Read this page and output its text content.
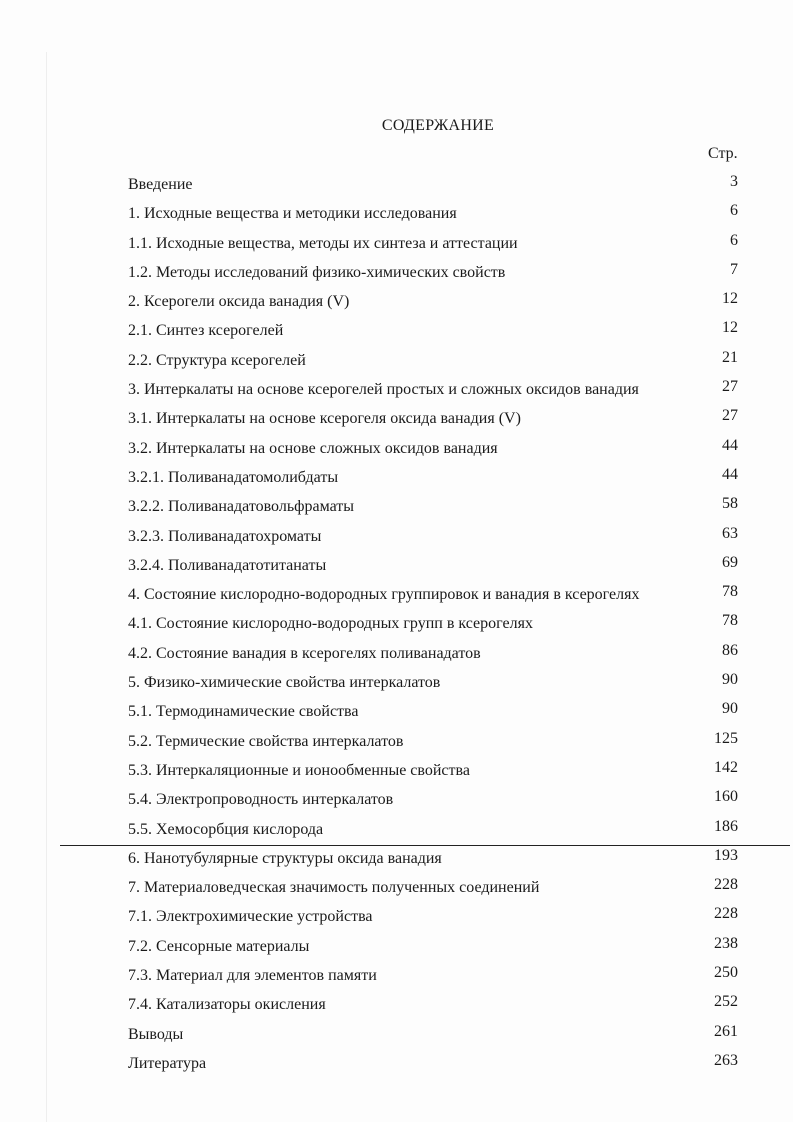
СОДЕРЖАНИЕ
Стр.
Введение	3
1. Исходные вещества и методики исследования	6
1.1. Исходные вещества, методы их синтеза и аттестации	6
1.2. Методы исследований физико-химических свойств	7
2. Ксерогели оксида ванадия (V)	12
2.1. Синтез ксерогелей	12
2.2. Структура ксерогелей	21
3. Интеркалаты на основе ксерогелей простых и сложных оксидов ванадия	27
3.1. Интеркалаты на основе ксерогеля оксида ванадия (V)	27
3.2. Интеркалаты на основе сложных оксидов ванадия	44
3.2.1. Поливанадатомолибдаты	44
3.2.2. Поливанадатовольфраматы	58
3.2.3. Поливанадатохроматы	63
3.2.4. Поливанадатотитанаты	69
4. Состояние кислородно-водородных группировок и ванадия в ксерогелях	78
4.1. Состояние кислородно-водородных групп в ксерогелях	78
4.2. Состояние ванадия в ксерогелях поливанадатов	86
5. Физико-химические свойства интеркалатов	90
5.1. Термодинамические свойства	90
5.2. Термические свойства интеркалатов	125
5.3. Интеркаляционные и ионообменные свойства	142
5.4. Электропроводность интеркалатов	160
5.5. Хемосорбция кислорода	186
6. Нанотубулярные структуры оксида ванадия	193
7. Материаловедческая значимость полученных соединений	228
7.1. Электрохимические устройства	228
7.2. Сенсорные материалы	238
7.3. Материал для элементов памяти	250
7.4. Катализаторы окисления	252
Выводы	261
Литература	263
